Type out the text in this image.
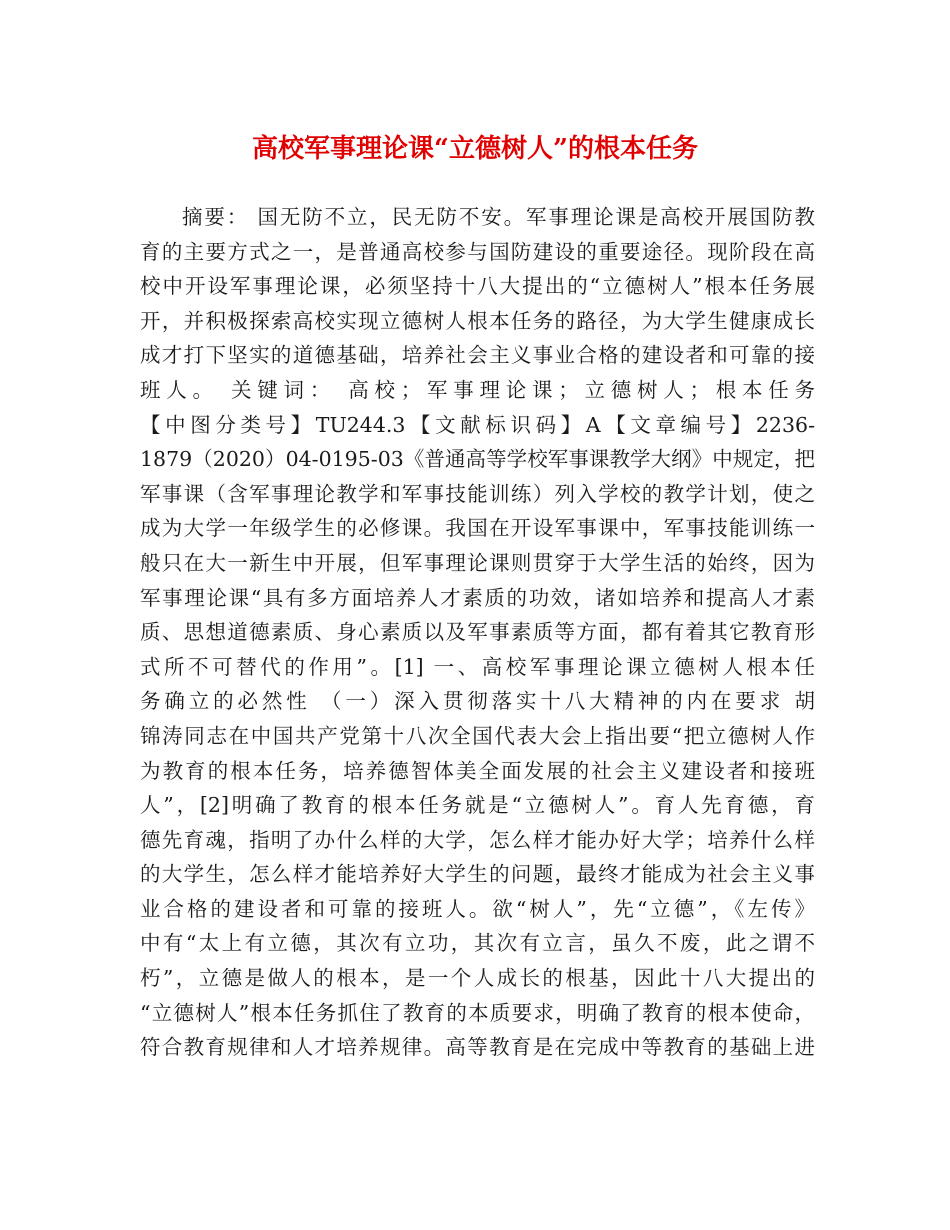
高校军事理论课“立德树人”的根本任务
摘要： 国无防不立，民无防不安。军事理论课是高校开展国防教
育的主要方式之一，是普通高校参与国防建设的重要途径。现阶段在高
校中开设军事理论课，必须坚持十八大提出的“立德树人”根本任务展
开，并积极探索高校实现立德树人根本任务的路径，为大学生健康成长
成才打下坚实的道德基础，培养社会主义事业合格的建设者和可靠的接
班人。 关键词： 高校；军事理论课；立德树人；根本任务
【中图分类号】TU244.3【文献标识码】A【文章编号】2236-
1879（2020）04-0195-03《普通高等学校军事课教学大纲》中规定，把
军事课（含军事理论教学和军事技能训练）列入学校的教学计划，使之
成为大学一年级学生的必修课。我国在开设军事课中，军事技能训练一
般只在大一新生中开展，但军事理论课则贯穿于大学生活的始终，因为
军事理论课“具有多方面培养人才素质的功效，诸如培养和提高人才素
质、思想道德素质、身心素质以及军事素质等方面，都有着其它教育形
式所不可替代的作用”。[1] 一、高校军事理论课立德树人根本任
务确立的必然性 （一）深入贯彻落实十八大精神的内在要求 胡
锦涛同志在中国共产党第十八次全国代表大会上指出要“把立德树人作
为教育的根本任务，培养德智体美全面发展的社会主义建设者和接班
人”，[2]明确了教育的根本任务就是“立德树人”。育人先育德，育
德先育魂，指明了办什么样的大学，怎么样才能办好大学；培养什么样
的大学生，怎么样才能培养好大学生的问题，最终才能成为社会主义事
业合格的建设者和可靠的接班人。欲“树人”，先“立德”，《左传》
中有“太上有立德，其次有立功，其次有立言，虽久不废，此之谓不
朽”，立德是做人的根本，是一个人成长的根基，因此十八大提出的
“立德树人”根本任务抓住了教育的本质要求，明确了教育的根本使命，
符合教育规律和人才培养规律。高等教育是在完成中等教育的基础上进
